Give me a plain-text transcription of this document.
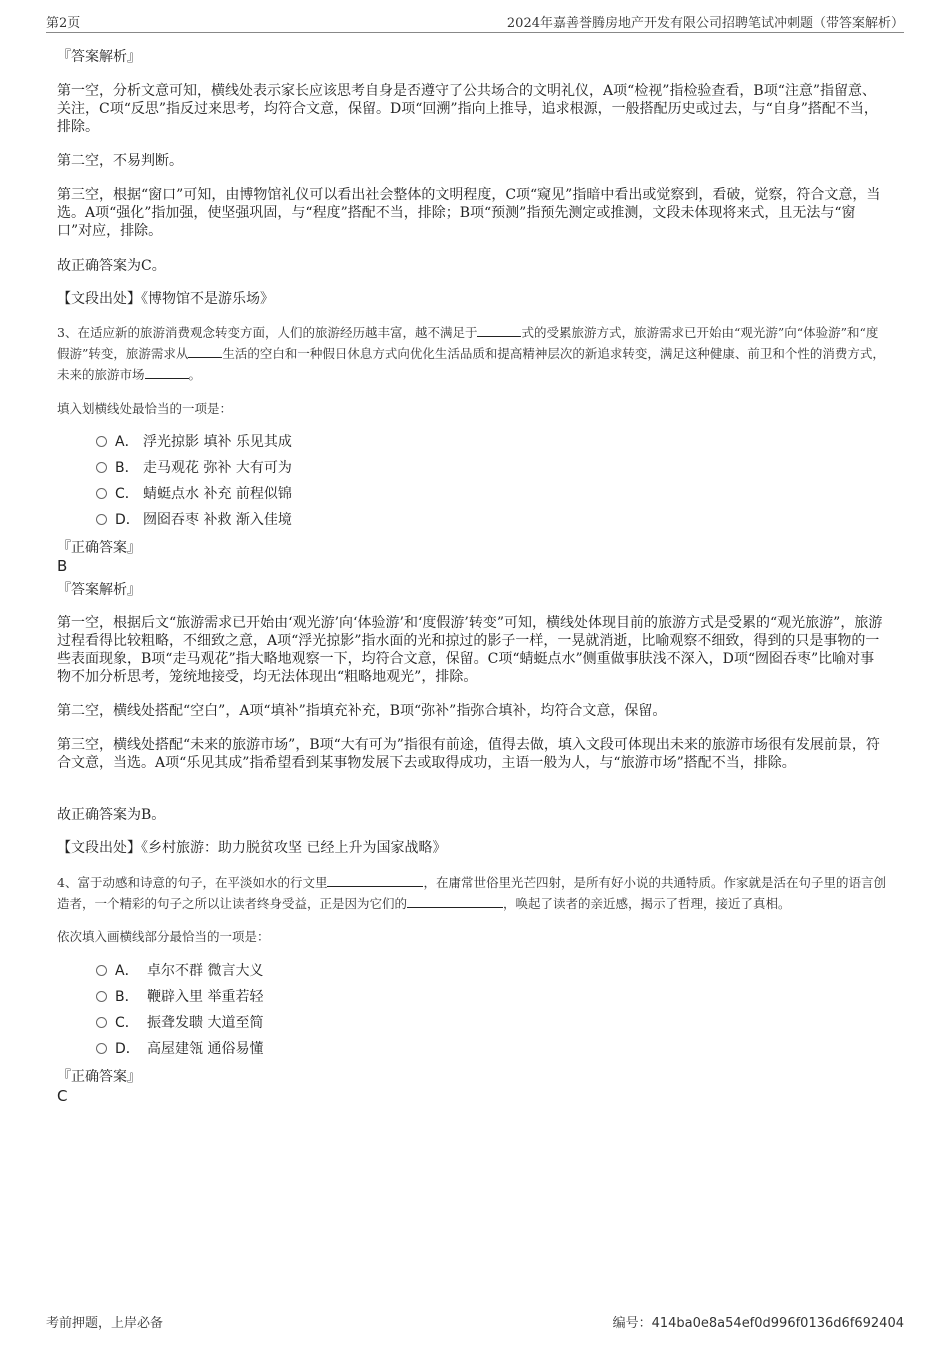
第2页	2024年嘉善誉腾房地产开发有限公司招聘笔试冲刺题（带答案解析）
『答案解析』
第一空，分析文意可知，横线处表示家长应该思考自身是否遵守了公共场合的文明礼仪，A项“检视”指检验查看，B项“注意”指留意、关注，C项“反思”指反过来思考，均符合文意，保留。D项“回溯”指向上推导，追求根源，一般搭配历史或过去，与“自身”搭配不当，排除。
第二空，不易判断。
第三空，根据“窗口”可知，由博物馆礼仪可以看出社会整体的文明程度，C项“窥见”指暗中看出或觉察到，看破，觉察，符合文意，当选。A项“强化”指加强，使坚强巩固，与“程度”搭配不当，排除；B项“预测”指预先测定或推测，文段未体现将来式，且无法与“窗口”对应，排除。
故正确答案为C。
【文段出处】《博物馆不是游乐场》
3、在适应新的旅游消费观念转变方面，人们的旅游经历越丰富，越不满足于	式的受累旅游方式，旅游需求已开始由“观光游”向“体验游”和“度假游”转变，旅游需求从	生活的空白和一种假日休息方式向优化生活品质和提高精神层次的新追求转变，满足这种健康、前卫和个性的消费方式，未来的旅游市场	。
填入划横线处最恰当的一项是：
A． 浮光掠影 填补 乐见其成
B． 走马观花 弥补 大有可为
C． 蜻蜓点水 补充 前程似锦
D． 囫囵吞枣 补救 渐入佳境
『正确答案』
B
『答案解析』
第一空，根据后文“旅游需求已开始由‘观光游’向‘体验游’和‘度假游’转变”可知，横线处体现目前的旅游方式是受累的“观光旅游”，旅游过程看得比较粗略，不细致之意，A项“浮光掠影”指水面的光和掠过的影子一样，一晃就消逝，比喻观察不细致，得到的只是事物的一些表面现象，B项“走马观花”指大略地观察一下，均符合文意，保留。C项“蜻蜓点水”侧重做事肤浅不深入，D项“囫囵吞枣”比喻对事物不加分析思考，笼统地接受，均无法体现出“粗略地观光”，排除。
第二空，横线处搭配“空白”，A项“填补”指填充补充，B项“弥补”指弥合填补，均符合文意，保留。
第三空，横线处搭配“未来的旅游市场”，B项“大有可为”指很有前途，值得去做，填入文段可体现出未来的旅游市场很有发展前景，符合文意，当选。A项“乐见其成”指希望看到某事物发展下去或取得成功，主语一般为人，与“旅游市场”搭配不当，排除。
故正确答案为B。
【文段出处】《乡村旅游：助力脱贫攻坚 已经上升为国家战略》
4、富于动感和诗意的句子，在平淡如水的行文里	，在庸常世俗里光芒四射，是所有好小说的共通特质。作家就是活在句子里的语言创造者，一个精彩的句子之所以让读者终身受益，正是因为它们的	，唤起了读者的亲近感，揭示了哲理，接近了真相。
依次填入画横线部分最恰当的一项是：
A． 卓尔不群 微言大义
B． 鞭辟入里 举重若轻
C． 振聋发聩 大道至简
D． 高屋建瓴 通俗易懂
『正确答案』
C
考前押题，上岸必备	编号：414ba0e8a54ef0d996f0136d6f692404
